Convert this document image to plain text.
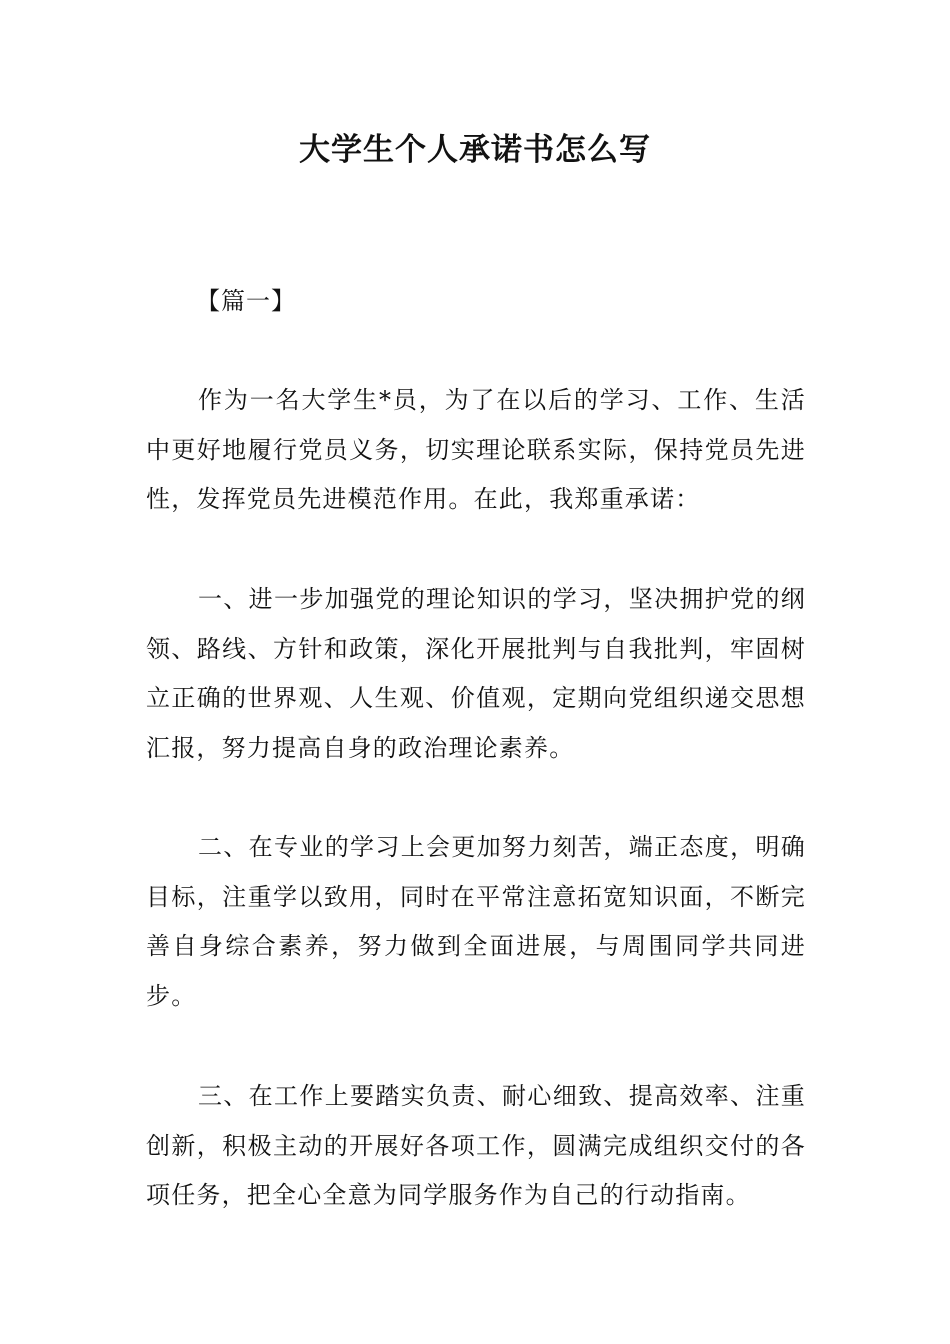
大学生个人承诺书怎么写
【篇一】

作为一名大学生*员，为了在以后的学习、工作、生活中更好地履行党员义务，切实理论联系实际，保持党员先进性，发挥党员先进模范作用。在此，我郑重承诺：

一、进一步加强党的理论知识的学习，坚决拥护党的纲领、路线、方针和政策，深化开展批判与自我批判，牢固树立正确的世界观、人生观、价值观，定期向党组织递交思想汇报，努力提高自身的政治理论素养。

二、在专业的学习上会更加努力刻苦，端正态度，明确目标，注重学以致用，同时在平常注意拓宽知识面，不断完善自身综合素养，努力做到全面进展，与周围同学共同进步。

三、在工作上要踏实负责、耐心细致、提高效率、注重创新，积极主动的开展好各项工作，圆满完成组织交付的各项任务，把全心全意为同学服务作为自己的行动指南。
